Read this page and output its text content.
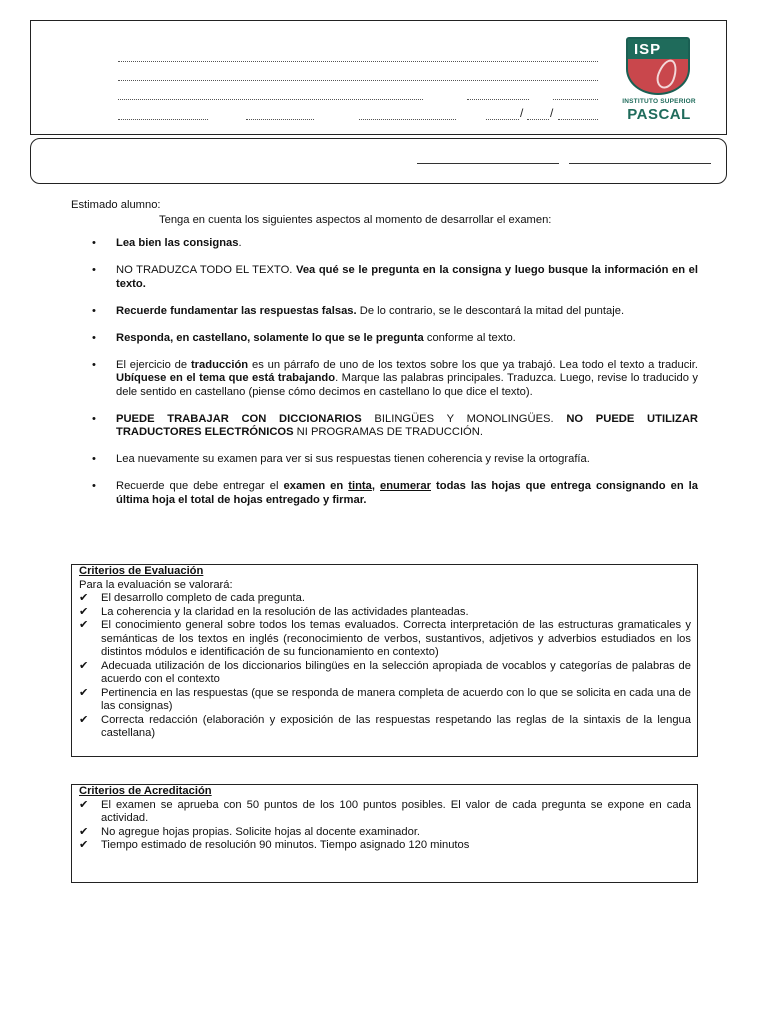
/ /
ISP
INSTITUTO SUPERIOR
PASCAL
Estimado alumno:
Tenga en cuenta los siguientes aspectos al momento de desarrollar el examen:
• Lea bien las consignas.
• NO TRADUZCA TODO EL TEXTO. Vea qué se le pregunta en la consigna y luego busque la información en el texto.
• Recuerde fundamentar las respuestas falsas. De lo contrario, se le descontará la mitad del puntaje.
• Responda, en castellano, solamente lo que se le pregunta conforme al texto.
• El ejercicio de traducción es un párrafo de uno de los textos sobre los que ya trabajó. Lea todo el texto a traducir. Ubíquese en el tema que está trabajando. Marque las palabras principales. Traduzca. Luego, revise lo traducido y dele sentido en castellano (piense cómo decimos en castellano lo que dice el texto).
• PUEDE TRABAJAR CON DICCIONARIOS BILINGÜES Y MONOLINGÜES. NO PUEDE UTILIZAR TRADUCTORES ELECTRÓNICOS NI PROGRAMAS DE TRADUCCIÓN.
• Lea nuevamente su examen para ver si sus respuestas tienen coherencia y revise la ortografía.
• Recuerde que debe entregar el examen en tinta, enumerar todas las hojas que entrega consignando en la última hoja el total de hojas entregado y firmar.
Criterios de Evaluación
Para la evaluación se valorará:
✔ El desarrollo completo de cada pregunta.
✔ La coherencia y la claridad en la resolución de las actividades planteadas.
✔ El conocimiento general sobre todos los temas evaluados. Correcta interpretación de las estructuras gramaticales y semánticas de los textos en inglés (reconocimiento de verbos, sustantivos, adjetivos y adverbios estudiados en los distintos módulos e identificación de su funcionamiento en contexto)
✔ Adecuada utilización de los diccionarios bilingües en la selección apropiada de vocablos y categorías de palabras de acuerdo con el contexto
✔ Pertinencia en las respuestas (que se responda de manera completa de acuerdo con lo que se solicita en cada una de las consignas)
✔ Correcta redacción (elaboración y exposición de las respuestas respetando las reglas de la sintaxis de la lengua castellana)
Criterios de Acreditación
✔ El examen se aprueba con 50 puntos de los 100 puntos posibles. El valor de cada pregunta se expone en cada actividad.
✔ No agregue hojas propias. Solicite hojas al docente examinador.
✔ Tiempo estimado de resolución 90 minutos. Tiempo asignado 120 minutos
